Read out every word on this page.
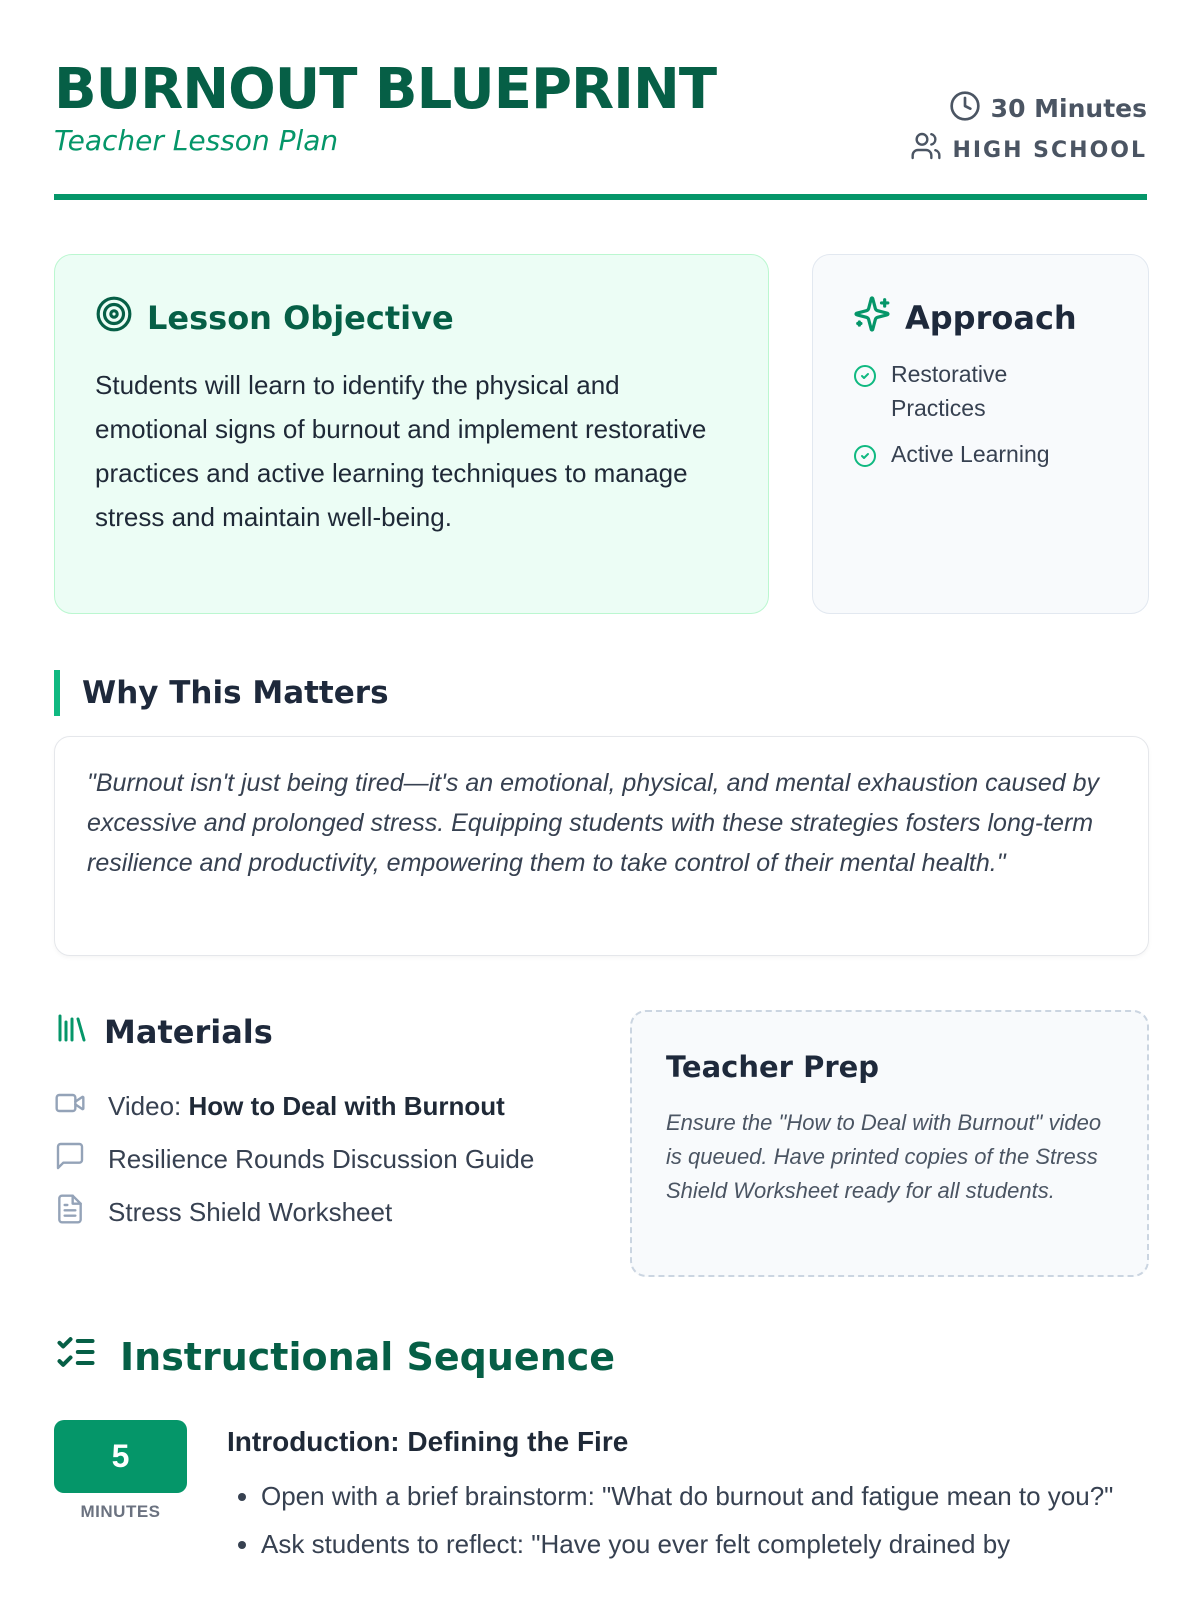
BURNOUT BLUEPRINT
Teacher Lesson Plan
30 Minutes
HIGH SCHOOL
Lesson Objective

Students will learn to identify the physical and emotional signs of burnout and implement restorative practices and active learning techniques to manage stress and maintain well-being.

Approach
Restorative Practices
Active Learning
Why This Matters

"Burnout isn't just being tired—it's an emotional, physical, and mental exhaustion caused by excessive and prolonged stress. Equipping students with these strategies fosters long-term resilience and productivity, empowering them to take control of their mental health."

Materials
Video: How to Deal with Burnout
Resilience Rounds Discussion Guide
Stress Shield Worksheet
Teacher Prep

Ensure the "How to Deal with Burnout" video is queued. Have printed copies of the Stress Shield Worksheet ready for all students.

Instructional Sequence
5
MINUTES
Introduction: Defining the Fire
• Open with a brief brainstorm: "What do burnout and fatigue mean to you?"
• Ask students to reflect: "Have you ever felt completely drained by
